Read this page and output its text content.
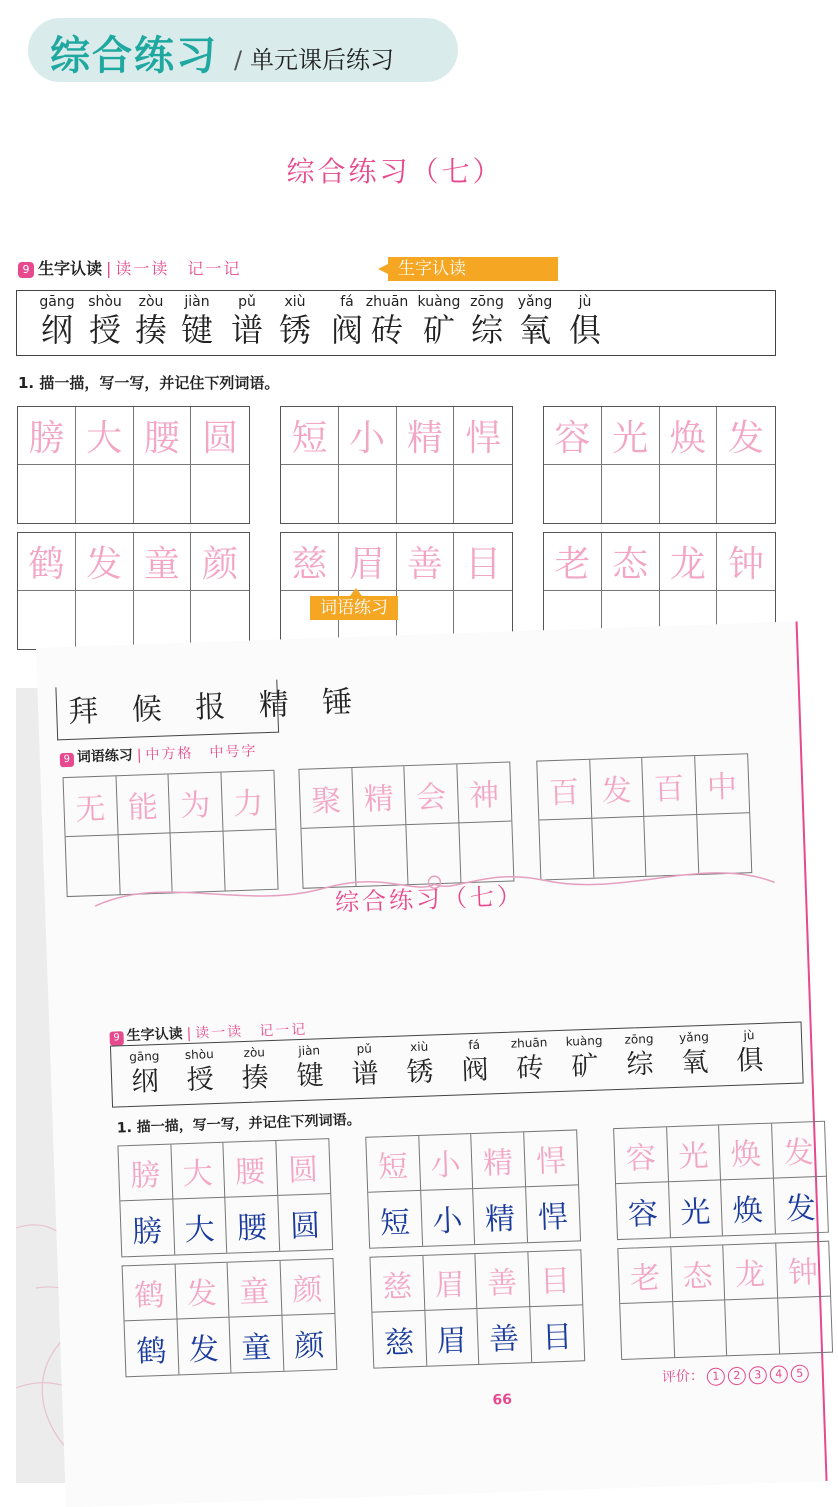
综合练习 / 单元课后练习
综合练习（七）
9 生字认读 | 读一读　记一记	生字认读
gāng
纲
shòu
授
zòu
揍
jiàn
键
pǔ
谱
xiù
锈
fá
阀
zhuān
砖
kuàng
矿
zōng
综
yǎng
氧
jù
俱
1. 描一描，写一写，并记住下列词语。
膀 大 腰 圆 短 小 精 悍 容 光 焕 发
鹤 发 童 颜 慈 眉 善 目 老 态 龙 钟
词语练习
拜 候 报 精 锤
9 词语练习 | 中方格　中号字
无 能 为 力 聚 精 会 神 百 发 百 中
综合练习（七）
9 生字认读 | 读一读　记一记
gāng
纲
shòu
授
zòu
揍
jiàn
键
pǔ
谱
xiù
锈
fá
阀
zhuān
砖
kuàng
矿
zōng
综
yǎng
氧
jù
俱
1. 描一描，写一写，并记住下列词语。
膀 大 腰 圆
膀 大 腰 圆
短 小 精 悍
短 小 精 悍
容 光 焕 发
容 光 焕 发
鹤 发 童 颜
鹤 发 童 颜
慈 眉 善 目
慈 眉 善 目
老 态 龙 钟
66
评价： 1 2 3 4 5
